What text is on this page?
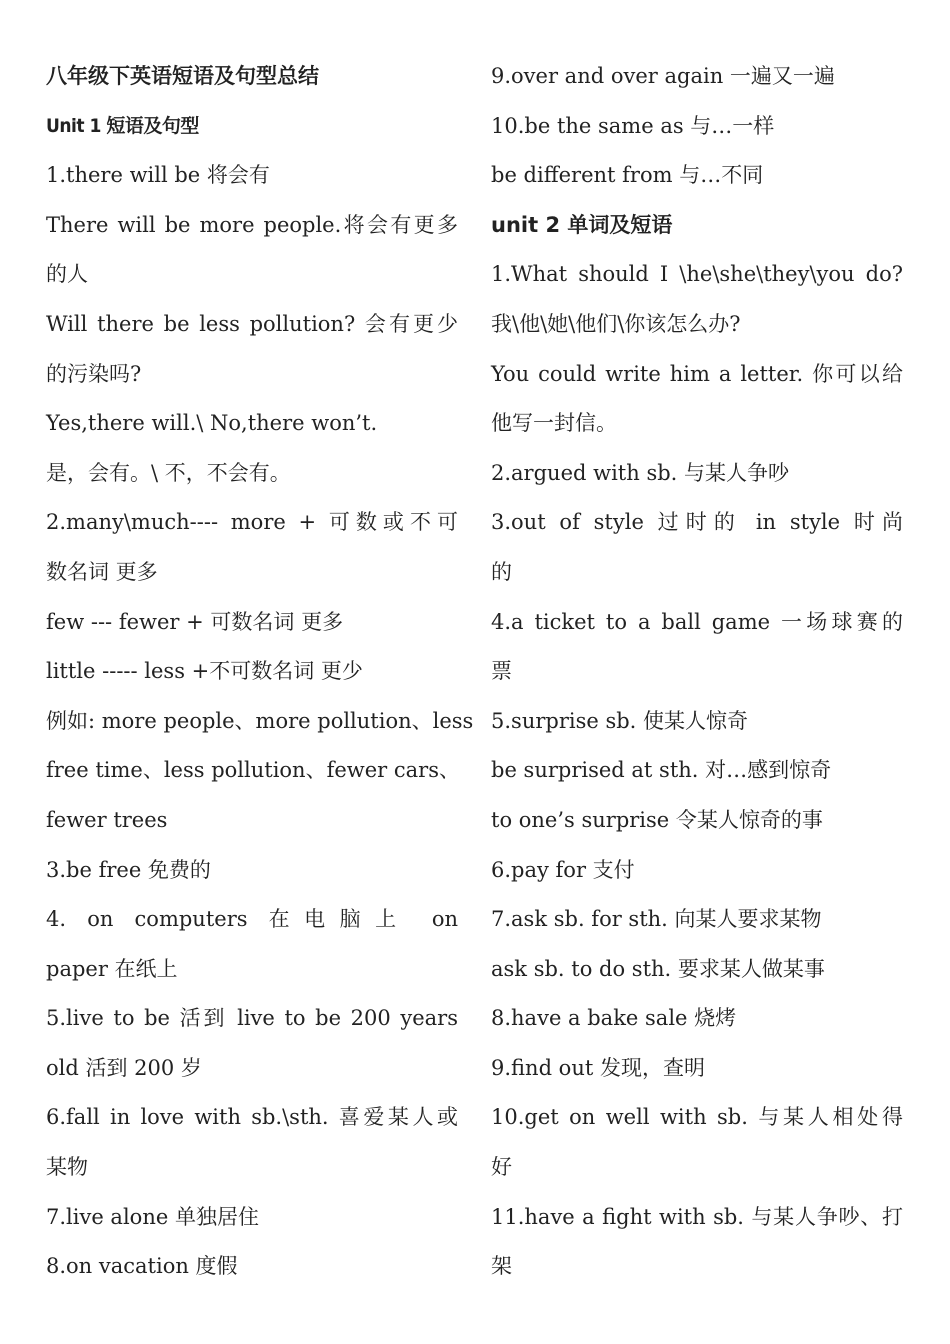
八年级下英语短语及句型总结
Unit 1 短语及句型
1.there will be 将会有
There will be more people.将会有更多
的人
Will there be less pollution? 会有更少
的污染吗?
Yes,there will.\ No,there won’t.
是，会有。\ 不，不会有。
2.many\much---- more + 可数或不可
数名词 更多
few --- fewer + 可数名词 更多
little ----- less +不可数名词 更少
例如: more people、more pollution、less
free time、less pollution、fewer cars、
fewer trees
3.be free 免费的
4. on computers 在电脑上 on
paper 在纸上
5.live to be 活到 live to be 200 years
old 活到 200 岁
6.fall in love with sb.\sth. 喜爱某人或
某物
7.live alone 单独居住
8.on vacation 度假
9.over and over again 一遍又一遍
10.be the same as 与…一样
be different from 与…不同
unit 2 单词及短语
1.What should I \he\she\they\you do?
我\他\她\他们\你该怎么办?
You could write him a letter. 你可以给
他写一封信。
2.argued with sb. 与某人争吵
3.out of style 过时的 in style 时尚
的
4.a ticket to a ball game 一场球赛的
票
5.surprise sb. 使某人惊奇
be surprised at sth. 对…感到惊奇
to one’s surprise 令某人惊奇的事
6.pay for 支付
7.ask sb. for sth. 向某人要求某物
ask sb. to do sth. 要求某人做某事
8.have a bake sale 烧烤
9.find out 发现，查明
10.get on well with sb. 与某人相处得
好
11.have a fight with sb. 与某人争吵、打
架
